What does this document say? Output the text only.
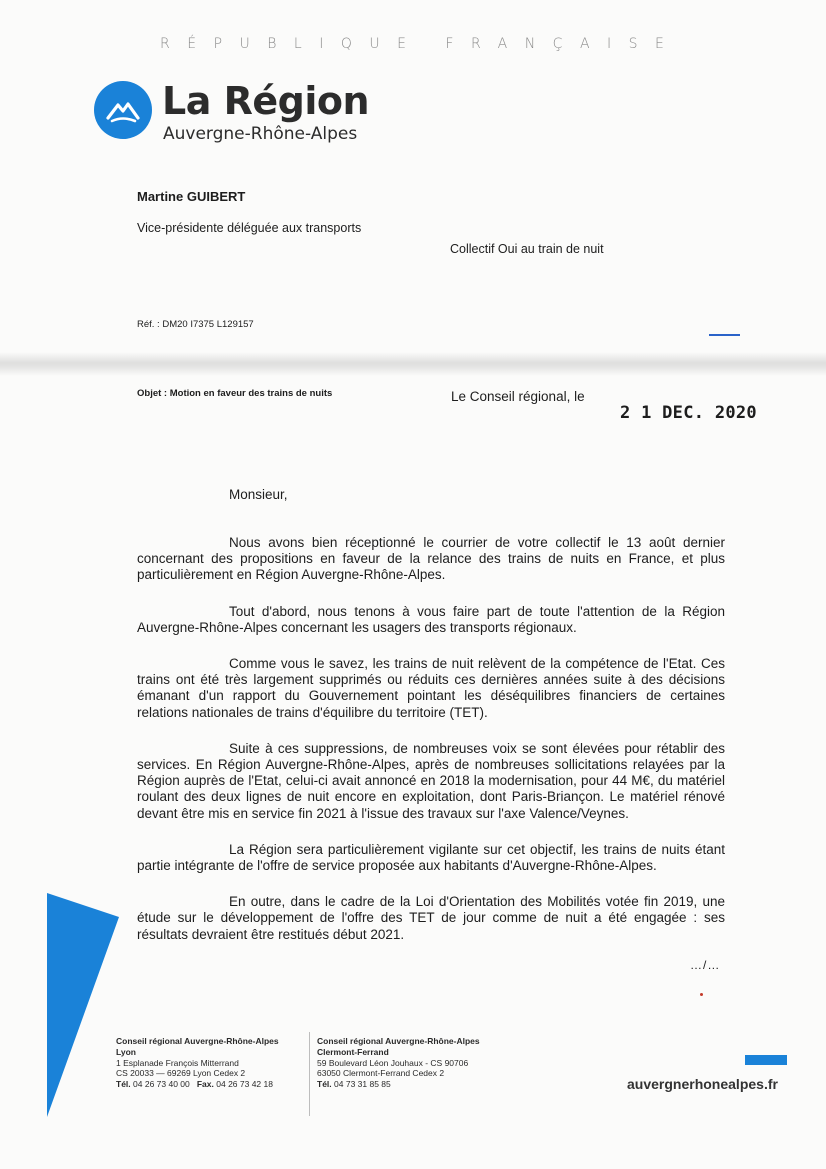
RÉPUBLIQUE FRANÇAISE
La Région
Auvergne-Rhône-Alpes
Martine GUIBERT
Vice-présidente déléguée aux transports
Collectif Oui au train de nuit
Réf. : DM20 I7375 L129157
Objet : Motion en faveur des trains de nuits	Le Conseil régional, le
2 1 DEC. 2020
Monsieur,

Nous avons bien réceptionné le courrier de votre collectif le 13 août dernier concernant des propositions en faveur de la relance des trains de nuits en France, et plus particulièrement en Région Auvergne-Rhône-Alpes.

Tout d'abord, nous tenons à vous faire part de toute l'attention de la Région Auvergne-Rhône-Alpes concernant les usagers des transports régionaux.

Comme vous le savez, les trains de nuit relèvent de la compétence de l'Etat. Ces trains ont été très largement supprimés ou réduits ces dernières années suite à des décisions émanant d'un rapport du Gouvernement pointant les déséquilibres financiers de certaines relations nationales de trains d'équilibre du territoire (TET).

Suite à ces suppressions, de nombreuses voix se sont élevées pour rétablir des services. En Région Auvergne-Rhône-Alpes, après de nombreuses sollicitations relayées par la Région auprès de l'Etat, celui-ci avait annoncé en 2018 la modernisation, pour 44 M€, du matériel roulant des deux lignes de nuit encore en exploitation, dont Paris-Briançon. Le matériel rénové devant être mis en service fin 2021 à l'issue des travaux sur l'axe Valence/Veynes.

La Région sera particulièrement vigilante sur cet objectif, les trains de nuits étant partie intégrante de l'offre de service proposée aux habitants d'Auvergne-Rhône-Alpes.

En outre, dans le cadre de la Loi d'Orientation des Mobilités votée fin 2019, une étude sur le développement de l'offre des TET de jour comme de nuit a été engagée : ses résultats devraient être restitués début 2021.

…/…
Conseil régional Auvergne-Rhône-Alpes
Lyon
1 Esplanade François Mitterrand
CS 20033 — 69269 Lyon Cedex 2
Tél. 04 26 73 40 00 Fax. 04 26 73 42 18
Conseil régional Auvergne-Rhône-Alpes
Clermont-Ferrand
59 Boulevard Léon Jouhaux - CS 90706
63050 Clermont-Ferrand Cedex 2
Tél. 04 73 31 85 85	auvergnerhonealpes.fr
